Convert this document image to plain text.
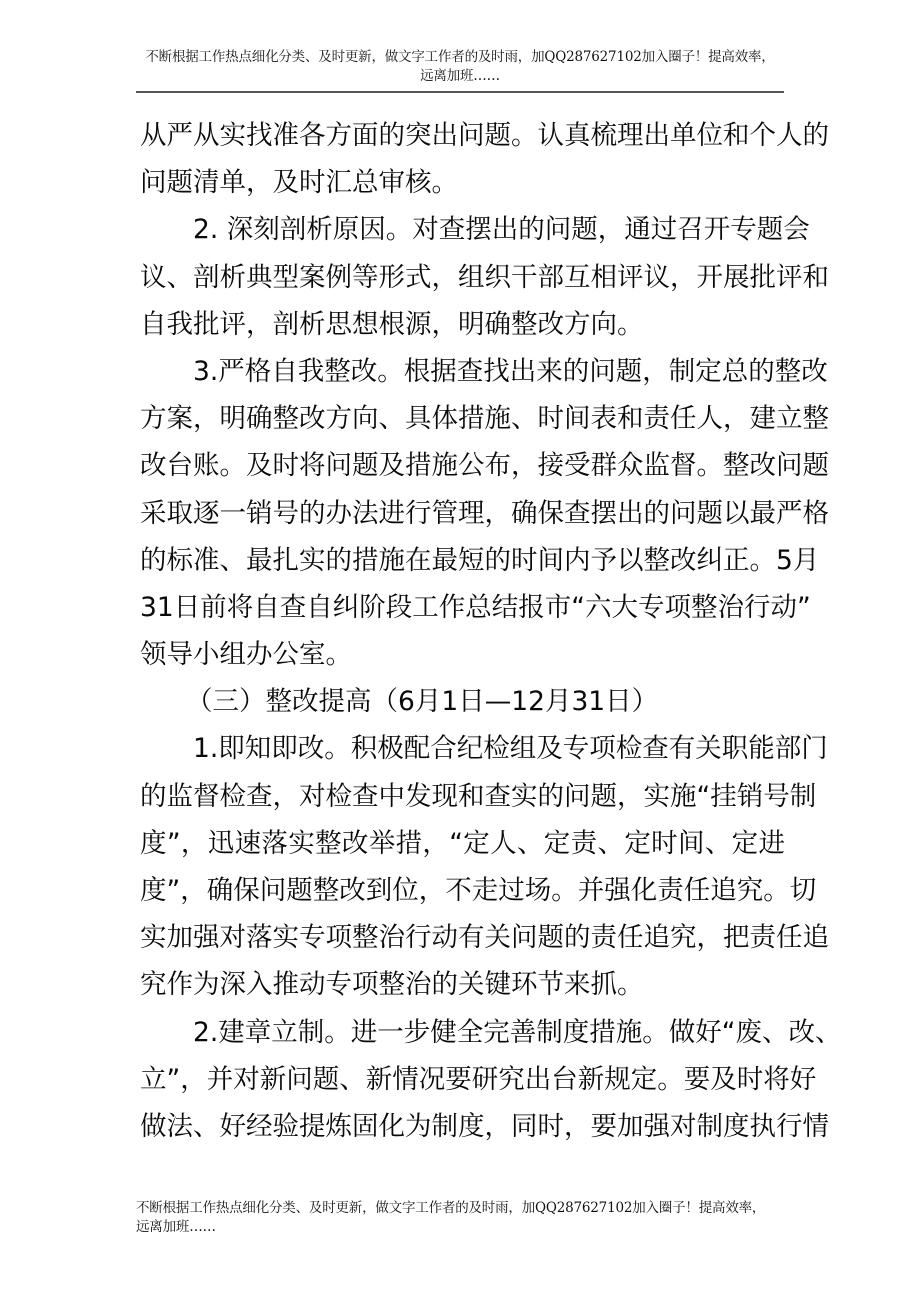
不断根据工作热点细化分类、及时更新，做文字工作者的及时雨，加QQ287627102加入圈子！提高效率，
远离加班……
从严从实找准各方面的突出问题。认真梳理出单位和个人的
问题清单，及时汇总审核。
2. 深刻剖析原因。对查摆出的问题，通过召开专题会
议、剖析典型案例等形式，组织干部互相评议，开展批评和
自我批评，剖析思想根源，明确整改方向。
3.严格自我整改。根据查找出来的问题，制定总的整改
方案，明确整改方向、具体措施、时间表和责任人，建立整
改台账。及时将问题及措施公布，接受群众监督。整改问题
采取逐一销号的办法进行管理，确保查摆出的问题以最严格
的标准、最扎实的措施在最短的时间内予以整改纠正。5月
31日前将自查自纠阶段工作总结报市“六大专项整治行动”
领导小组办公室。
（三）整改提高（6月1日—12月31日）
1.即知即改。积极配合纪检组及专项检查有关职能部门
的监督检查，对检查中发现和查实的问题，实施“挂销号制
度”，迅速落实整改举措，“定人、定责、定时间、定进
度”，确保问题整改到位，不走过场。并强化责任追究。切
实加强对落实专项整治行动有关问题的责任追究，把责任追
究作为深入推动专项整治的关键环节来抓。
2.建章立制。进一步健全完善制度措施。做好“废、改、
立”，并对新问题、新情况要研究出台新规定。要及时将好
做法、好经验提炼固化为制度，同时，要加强对制度执行情
不断根据工作热点细化分类、及时更新，做文字工作者的及时雨，加QQ287627102加入圈子！提高效率，
远离加班……
